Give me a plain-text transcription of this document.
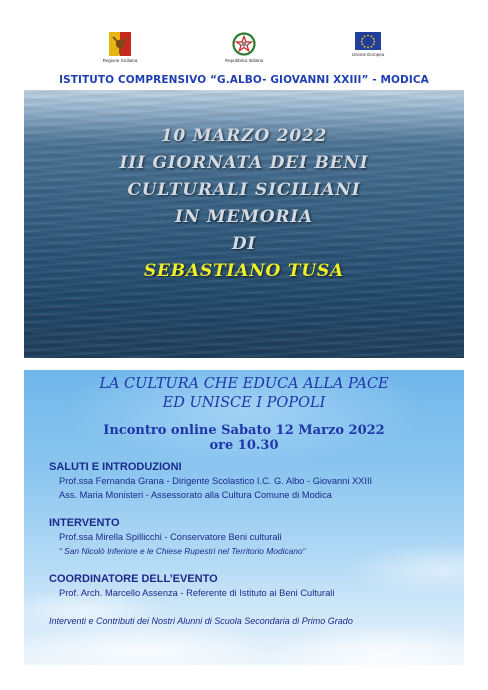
Regione Siciliana	Repubblica Italiana
Unione Europea
ISTITUTO COMPRENSIVO “G.ALBO- GIOVANNI XXIII” - MODICA
10 MARZO 2022
III GIORNATA DEI BENI
CULTURALI SICILIANI
IN MEMORIA
DI
SEBASTIANO TUSA
LA CULTURA CHE EDUCA ALLA PACE
ED UNISCE I POPOLI
Incontro online Sabato 12 Marzo 2022
ore 10.30
SALUTI E INTRODUZIONI
Prof.ssa Fernanda Grana - Dirigente Scolastico I.C. G. Albo - Giovanni XXIII
Ass. Maria Monisteri - Assessorato alla Cultura Comune di Modica
INTERVENTO
Prof.ssa Mirella Spillicchi - Conservatore Beni culturali
“ San Nicolò Inferiore e le Chiese Rupestri nel Territorio Modicano“
COORDINATORE DELL’EVENTO
Prof. Arch. Marcello Assenza - Referente di Istituto ai Beni Culturali
Interventi e Contributi dei Nostri Alunni di Scuola Secondaria di Primo Grado
